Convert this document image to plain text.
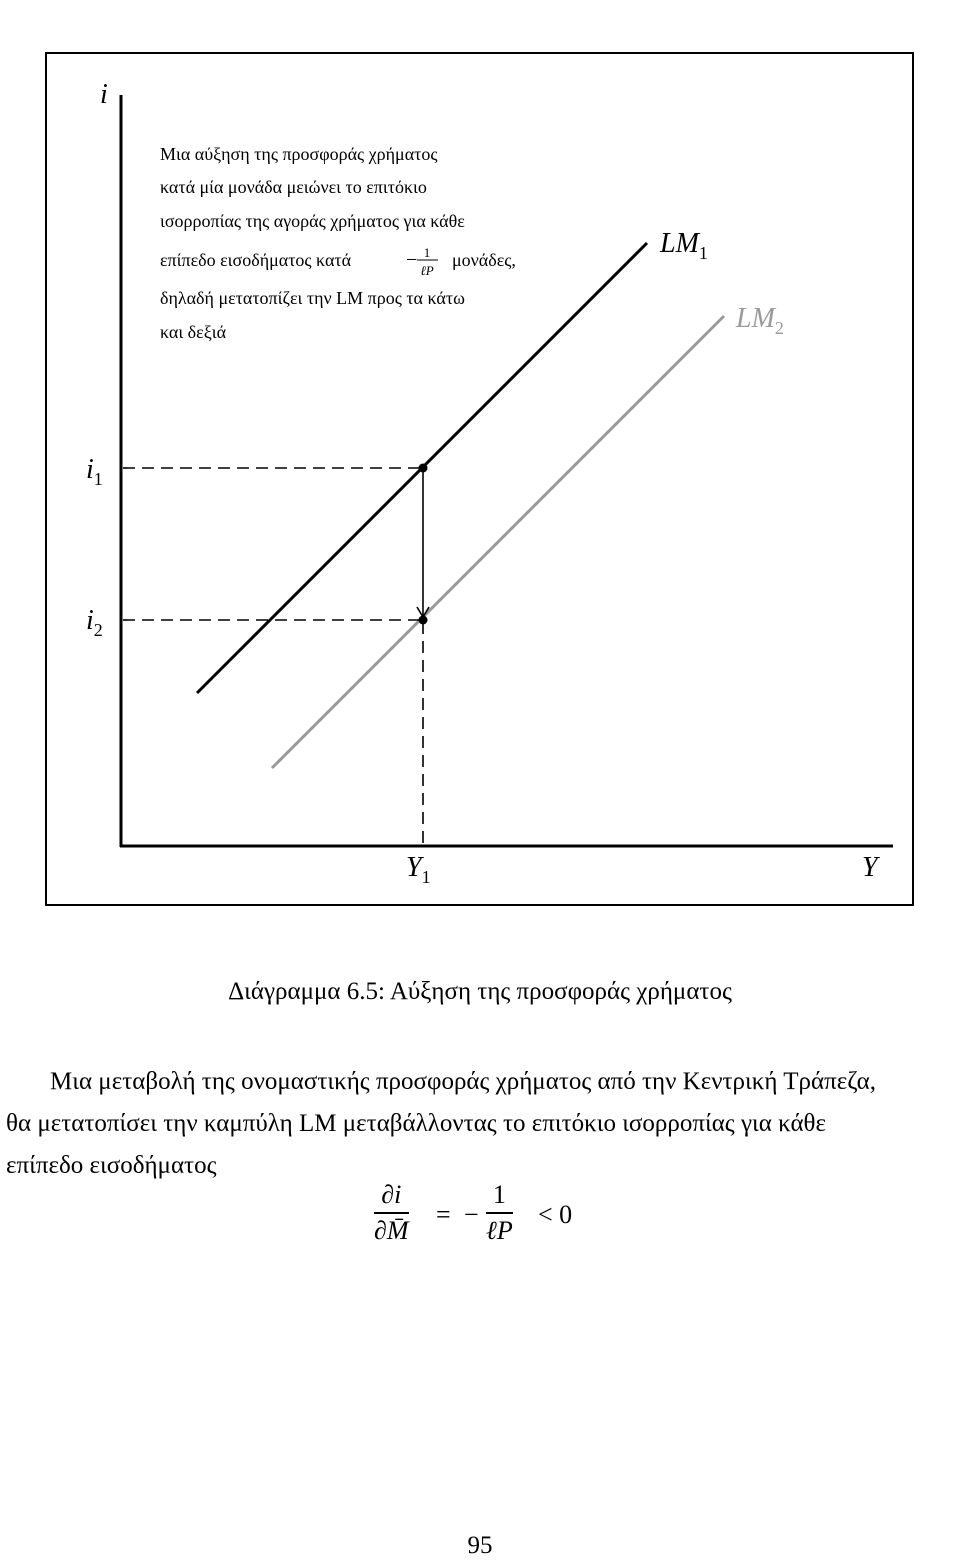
i
Y
Μια αύξηση της προσφοράς χρήματος
κατά μία μονάδα μειώνει το επιτόκιο
ισορροπίας της αγοράς χρήματος για κάθε
επίπεδο εισοδήματος κατά	− 1
ℓP
μονάδες,
δηλαδή μετατοπίζει την LM προς τα κάτω
και δεξιά
$LM_1$
$LM_2$
$i_1$
$i_2$
$Y_1$
Διάγραμμα 6.5: Αύξηση της προσφοράς χρήματος
Μια μεταβολή της ονομαστικής προσφοράς χρήματος από την Κεντρική Τράπεζα,
θα μετατοπίσει την καμπύλη LM μεταβάλλοντας το επιτόκιο ισορροπίας για κάθε
επίπεδο εισοδήματος
$\frac{\partial i}{\partial M̄}$ = −
1
ℓP
< 0
95
